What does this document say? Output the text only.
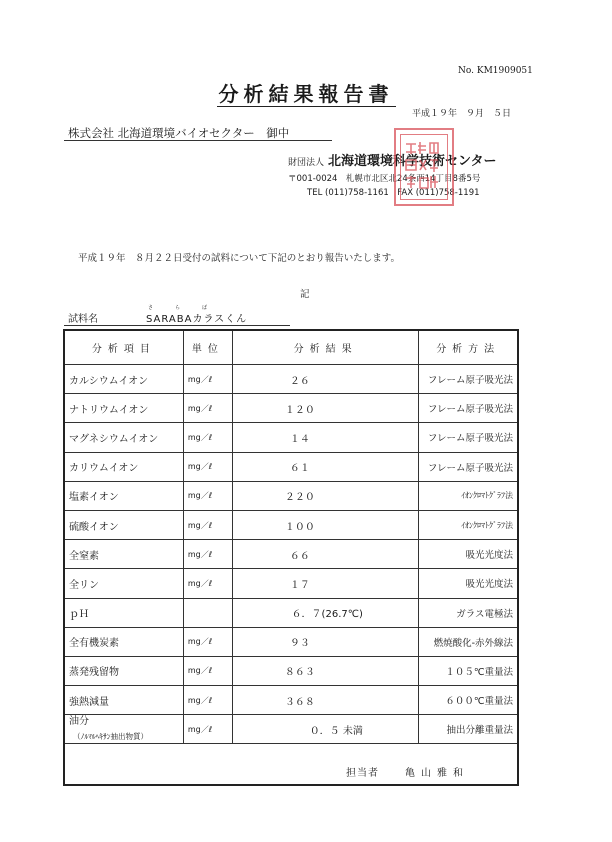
No. KM1909051
分析結果報告書
平成１９年　９月　５日
株式会社 北海道環境バイオセクター　御中
財団法人 北海道環境科学技術センター
〒001-0024　札幌市北区北24条西14丁目8番5号
TEL (011)758-1161　FAX (011)758-1191
平成１９年　８月２２日受付の試料について下記のとおり報告いたします。
記
試料名	SARABAカラスくん
さ	ら	ば
分析項目	単位	分析結果	分析方法
カルシウムイオン	mg／ℓ	２６	フレーム原子吸光法
ナトリウムイオン	mg／ℓ	１２０	フレーム原子吸光法
マグネシウムイオン	mg／ℓ	１４	フレーム原子吸光法
カリウムイオン	mg／ℓ	６１	フレーム原子吸光法
塩素イオン	mg／ℓ	２２０	ｲｵﾝｸﾛﾏﾄｸﾞﾗﾌ法
硫酸イオン	mg／ℓ	１００	ｲｵﾝｸﾛﾏﾄｸﾞﾗﾌ法
全窒素	mg／ℓ	６６	吸光光度法
全リン	mg／ℓ	１７	吸光光度法
ｐＨ		６．７(26.7℃)	ガラス電極法
全有機炭素	mg／ℓ	９３	燃焼酸化-赤外線法
蒸発残留物	mg／ℓ	８６３	１０５℃重量法
強熱減量	mg／ℓ	３６８	６００℃重量法
油分
（ﾉﾙﾏﾙﾍｷｻﾝ抽出物質）	mg／ℓ	０．５ 未満	抽出分離重量法

担当者	亀山雅和
